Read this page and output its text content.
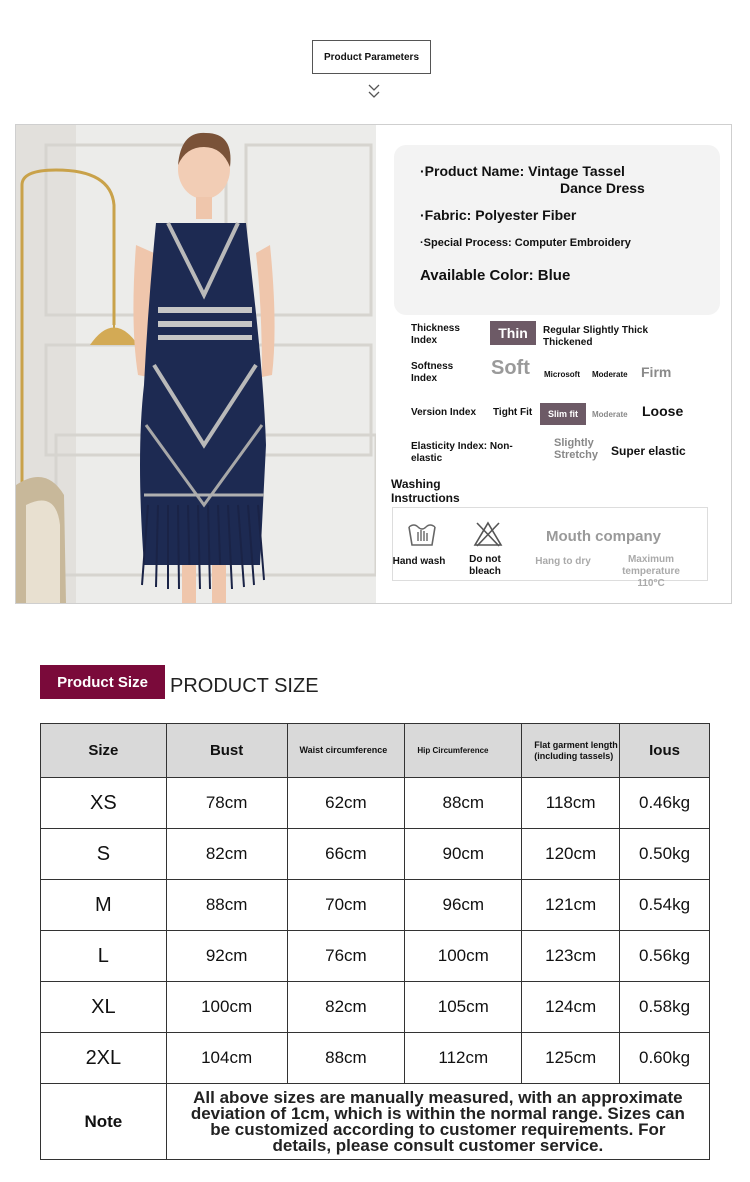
Product Parameters
·Product Name: Vintage Tassel
Dance Dress
·Fabric: Polyester Fiber
·Special Process: Computer Embroidery
Available Color: Blue
Thickness Index	Thin	Regular Slightly Thick
Thickened
Softness Index	Soft Microsoft Moderate Firm
Version Index Tight Fit	Slim fit	Moderate Loose
Elasticity Index: Non-elastic
Slightly Stretchy	Super elastic
Washing Instructions
Hand wash	Do not bleach
Mouth company
Hang to dry	Maximum temperature 110°C
Product Size	PRODUCT SIZE
Size	Bust	Waist circumference	Hip Circumference	Flat garment length (including tassels)	Ious
XS	78cm	62cm	88cm	118cm	0.46kg
S	82cm	66cm	90cm	120cm	0.50kg
M	88cm	70cm	96cm	121cm	0.54kg
L	92cm	76cm	100cm	123cm	0.56kg
XL	100cm	82cm	105cm	124cm	0.58kg
2XL	104cm	88cm	112cm	125cm	0.60kg
Note	All above sizes are manually measured, with an approximate deviation of 1cm, which is within the normal range. Sizes can be customized according to customer requirements. For details, please consult customer service.				
